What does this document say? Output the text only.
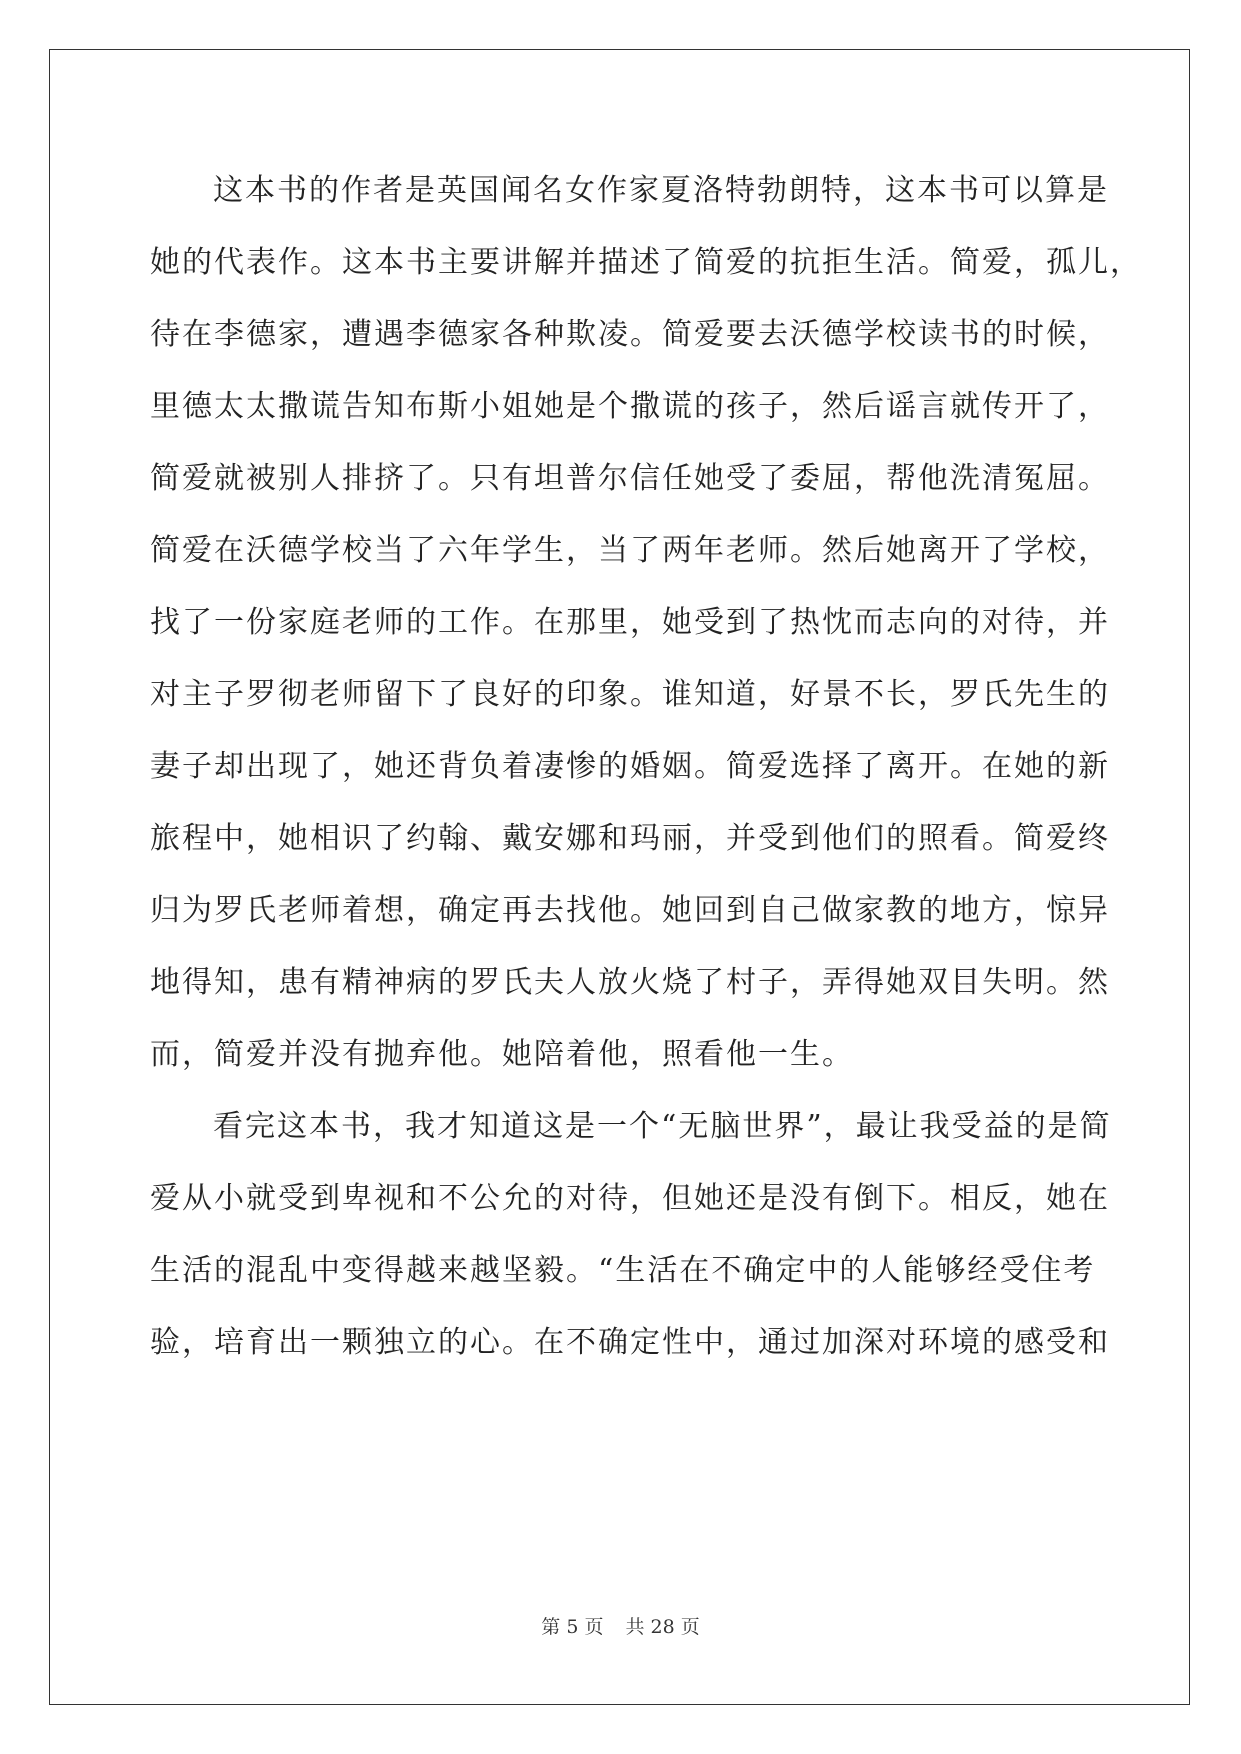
这本书的作者是英国闻名女作家夏洛特勃朗特，这本书可以算是

她的代表作。这本书主要讲解并描述了简爱的抗拒生活。简爱，孤儿，

待在李德家，遭遇李德家各种欺凌。简爱要去沃德学校读书的时候，

里德太太撒谎告知布斯小姐她是个撒谎的孩子，然后谣言就传开了，

简爱就被别人排挤了。只有坦普尔信任她受了委屈，帮他洗清冤屈。

简爱在沃德学校当了六年学生，当了两年老师。然后她离开了学校，

找了一份家庭老师的工作。在那里，她受到了热忱而志向的对待，并

对主子罗彻老师留下了良好的印象。谁知道，好景不长，罗氏先生的

妻子却出现了，她还背负着凄惨的婚姻。简爱选择了离开。在她的新

旅程中，她相识了约翰、戴安娜和玛丽，并受到他们的照看。简爱终

归为罗氏老师着想，确定再去找他。她回到自己做家教的地方，惊异

地得知，患有精神病的罗氏夫人放火烧了村子，弄得她双目失明。然

而，简爱并没有抛弃他。她陪着他，照看他一生。

看完这本书，我才知道这是一个“无脑世界”，最让我受益的是简

爱从小就受到卑视和不公允的对待，但她还是没有倒下。相反，她在

生活的混乱中变得越来越坚毅。“生活在不确定中的人能够经受住考

验，培育出一颗独立的心。在不确定性中，通过加深对环境的感受和

第 5 页 共 28 页
